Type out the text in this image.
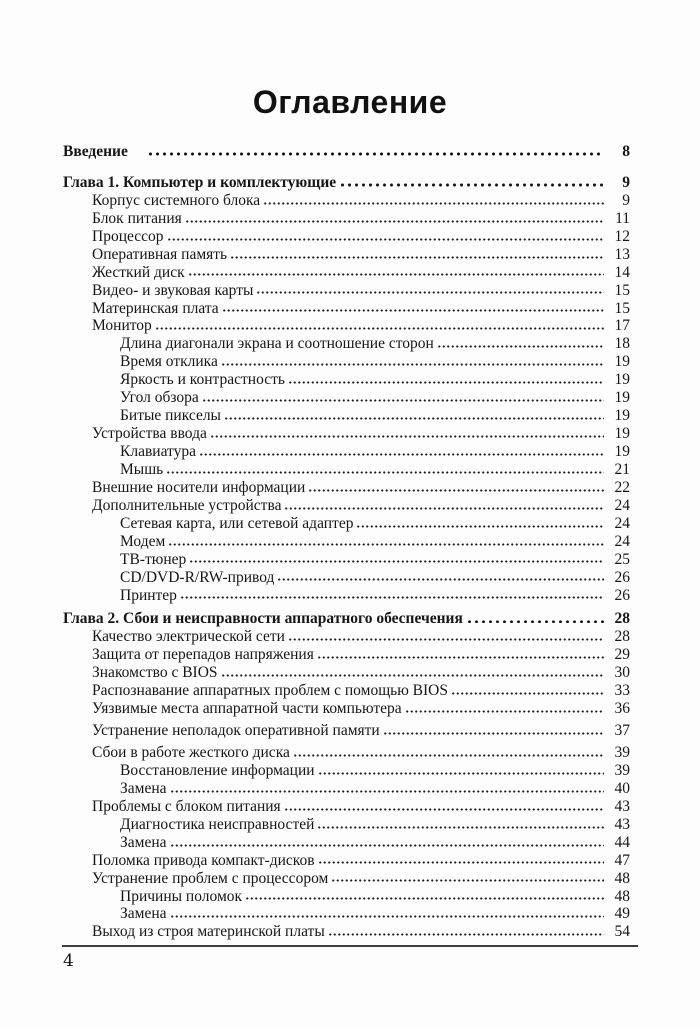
Оглавление
Введение	8
Глава 1. Компьютер и комплектующие	9
Корпус системного блока	9
Блок питания	11
Процессор	12
Оперативная память	13
Жесткий диск	14
Видео- и звуковая карты	15
Материнская плата	15
Монитор	17
Длина диагонали экрана и соотношение сторон	18
Время отклика	19
Яркость и контрастность	19
Угол обзора	19
Битые пикселы	19
Устройства ввода	19
Клавиатура	19
Мышь	21
Внешние носители информации	22
Дополнительные устройства	24
Сетевая карта, или сетевой адаптер	24
Модем	24
ТВ-тюнер	25
CD/DVD-R/RW-привод	26
Принтер	26
Глава 2. Сбои и неисправности аппаратного обеспечения	28
Качество электрической сети	28
Защита от перепадов напряжения	29
Знакомство с BIOS	30
Распознавание аппаратных проблем с помощью BIOS	33
Уязвимые места аппаратной части компьютера	36
Устранение неполадок оперативной памяти	37
Сбои в работе жесткого диска	39
Восстановление информации	39
Замена	40
Проблемы с блоком питания	43
Диагностика неисправностей	43
Замена	44
Поломка привода компакт-дисков	47
Устранение проблем с процессором	48
Причины поломок	48
Замена	49
Выход из строя материнской платы	54
4
